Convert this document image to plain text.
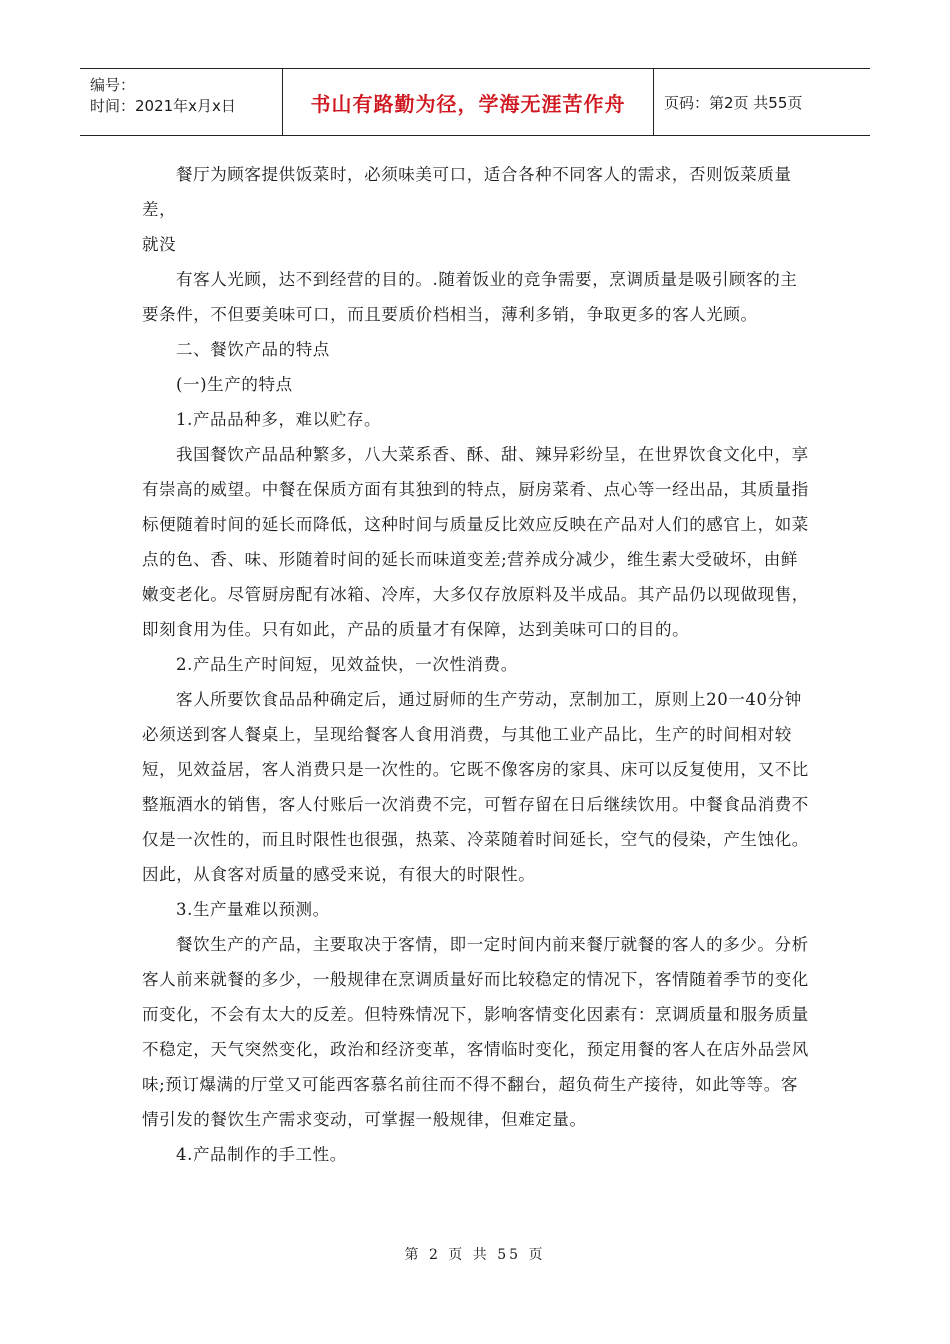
编号：
时间：2021年x月x日	书山有路勤为径，学海无涯苦作舟	页码：第2页 共55页

餐厅为顾客提供饭菜时，必须味美可口，适合各种不同客人的需求，否则饭菜质量差，

就没

有客人光顾，达不到经营的目的。.随着饭业的竞争需要，烹调质量是吸引顾客的主要条件，不但要美味可口，而且要质价档相当，薄利多销，争取更多的客人光顾。

二、餐饮产品的特点

(一)生产的特点

1.产品品种多，难以贮存。

我国餐饮产品品种繁多，八大菜系香、酥、甜、辣异彩纷呈，在世界饮食文化中，享有崇高的威望。中餐在保质方面有其独到的特点，厨房菜肴、点心等一经出品，其质量指标便随着时间的延长而降低，这种时间与质量反比效应反映在产品对人们的感官上，如菜点的色、香、味、形随着时间的延长而味道变差;营养成分减少，维生素大受破坏，由鲜嫩变老化。尽管厨房配有冰箱、冷库，大多仅存放原料及半成品。其产品仍以现做现售，即刻食用为佳。只有如此，产品的质量才有保障，达到美味可口的目的。

2.产品生产时间短，见效益快，一次性消费。

客人所要饮食品品种确定后，通过厨师的生产劳动，烹制加工，原则上20一40分钟必须送到客人餐桌上，呈现给餐客人食用消费，与其他工业产品比，生产的时间相对较短，见效益居，客人消费只是一次性的。它既不像客房的家具、床可以反复使用，又不比整瓶酒水的销售，客人付账后一次消费不完，可暂存留在日后继续饮用。中餐食品消费不仅是一次性的，而且时限性也很强，热菜、冷菜随着时间延长，空气的侵染，产生蚀化。因此，从食客对质量的感受来说，有很大的时限性。

3.生产量难以预测。

餐饮生产的产品，主要取决于客情，即一定时间内前来餐厅就餐的客人的多少。分析客人前来就餐的多少，一般规律在烹调质量好而比较稳定的情况下，客情随着季节的变化而变化，不会有太大的反差。但特殊情况下，影响客情变化因素有：烹调质量和服务质量不稳定，天气突然变化，政治和经济变革，客情临时变化，预定用餐的客人在店外品尝风味;预订爆满的厅堂又可能西客慕名前往而不得不翻台，超负荷生产接待，如此等等。客情引发的餐饮生产需求变动，可掌握一般规律，但难定量。

4.产品制作的手工性。

第 2 页 共 55 页
